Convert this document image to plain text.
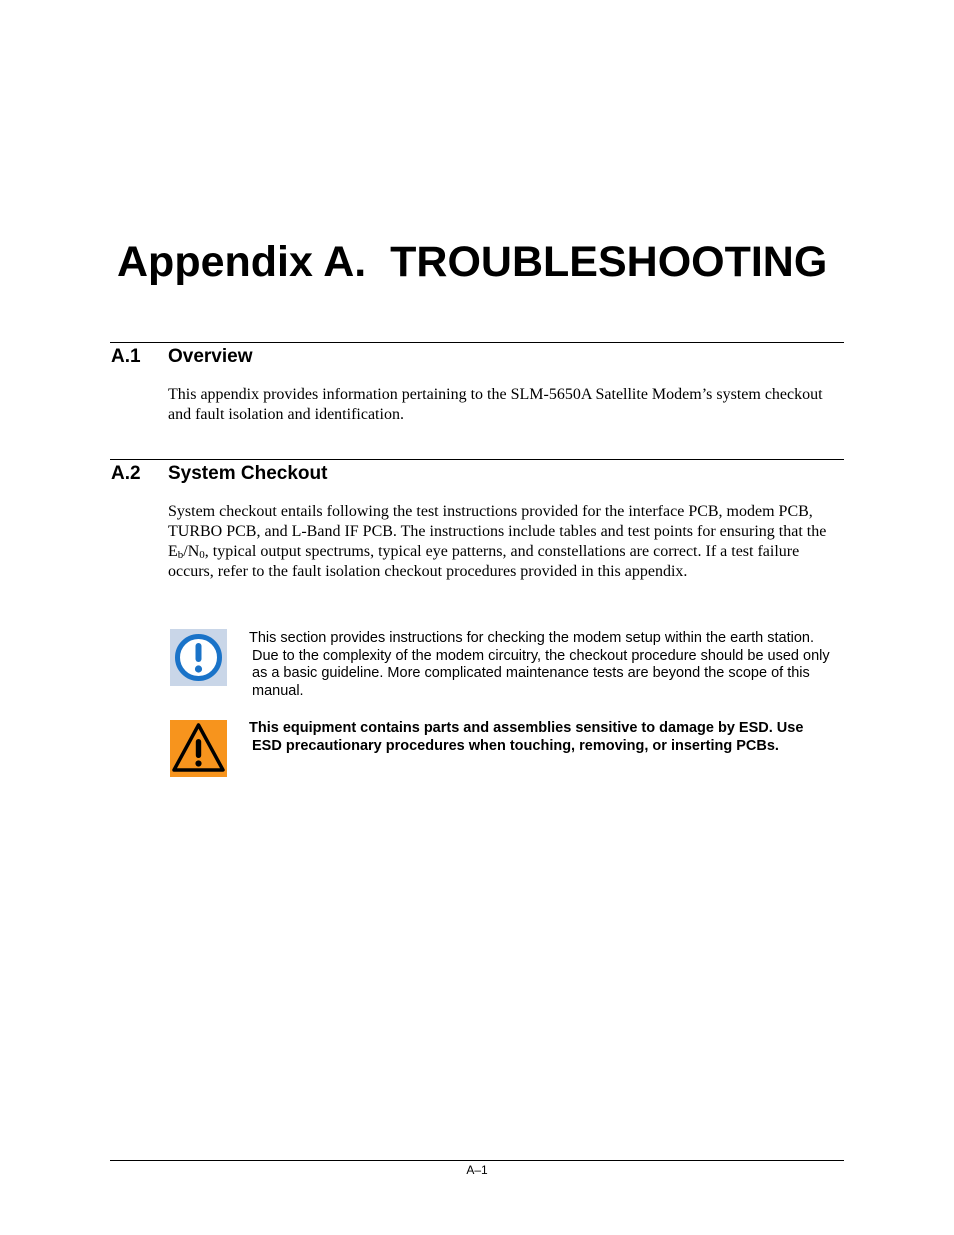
Appendix A.  TROUBLESHOOTING
A.1 Overview

This appendix provides information pertaining to the SLM-5650A Satellite Modem’s system checkout and fault isolation and identification.

A.2 System Checkout

System checkout entails following the test instructions provided for the interface PCB, modem PCB, TURBO PCB, and L-Band IF PCB. The instructions include tables and test points for ensuring that the $E_b/N_0$, typical output spectrums, typical eye patterns, and constellations are correct. If a test failure occurs, refer to the fault isolation checkout procedures provided in this appendix.

This section provides instructions for checking the modem setup within the earth station. Due to the complexity of the modem circuitry, the checkout procedure should be used only as a basic guideline. More complicated maintenance tests are beyond the scope of this manual.

This equipment contains parts and assemblies sensitive to damage by ESD. Use ESD precautionary procedures when touching, removing, or inserting PCBs.

A–1
